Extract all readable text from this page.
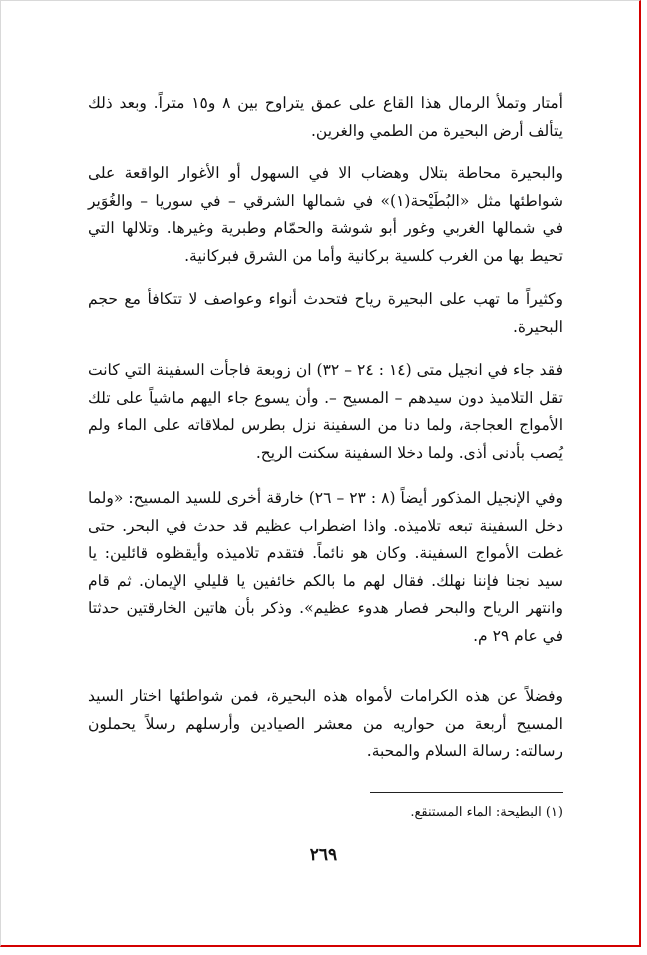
أمتار وتملأ الرمال هذا القاع على عمق يتراوح بين ٨ و١٥ متراً. وبعد ذلك يتألف أرض البحيرة من الطمي والغرين.
والبحيرة محاطة بتلال وهضاب الا في السهول أو الأغوار الواقعة على شواطئها مثل «البُطَيْحة(١)» في شمالها الشرقي – في سوريا – والغُوَير في شمالها الغربي وغور أبو شوشة والحمّام وطبرية وغيرها. وتلالها التي تحيط بها من الغرب كلسية بركانية وأما من الشرق فبركانية.
وكثيراً ما تهب على البحيرة رياح فتحدث أنواء وعواصف لا تتكافأ مع حجم البحيرة.
فقد جاء في انجيل متى (١٤ : ٢٤ – ٣٢) ان زوبعة فاجأت السفينة التي كانت تقل التلاميذ دون سيدهم – المسيح –. وأن يسوع جاء اليهم ماشياً على تلك الأمواج العجاجة، ولما دنا من السفينة نزل بطرس لملاقاته على الماء ولم يُصب بأدنى أذى. ولما دخلا السفينة سكنت الريح.
وفي الإنجيل المذكور أيضاً (٨ : ٢٣ – ٢٦) خارقة أخرى للسيد المسيح: «ولما دخل السفينة تبعه تلاميذه. واذا اضطراب عظيم قد حدث في البحر. حتى غطت الأمواج السفينة. وكان هو نائماً. فتقدم تلاميذه وأيقظوه قائلين: يا سيد نجنا فإننا نهلك. فقال لهم ما بالكم خائفين يا قليلي الإيمان. ثم قام وانتهر الرياح والبحر فصار هدوء عظيم». وذكر بأن هاتين الخارقتين حدثتا في عام ٢٩ م.
وفضلاً عن هذه الكرامات لأمواه هذه البحيرة، فمن شواطئها اختار السيد المسيح أربعة من حواريه من معشر الصيادين وأرسلهم رسلاً يحملون رسالته: رسالة السلام والمحبة.
(١) البطيحة: الماء المستنقع.
٢٦٩
